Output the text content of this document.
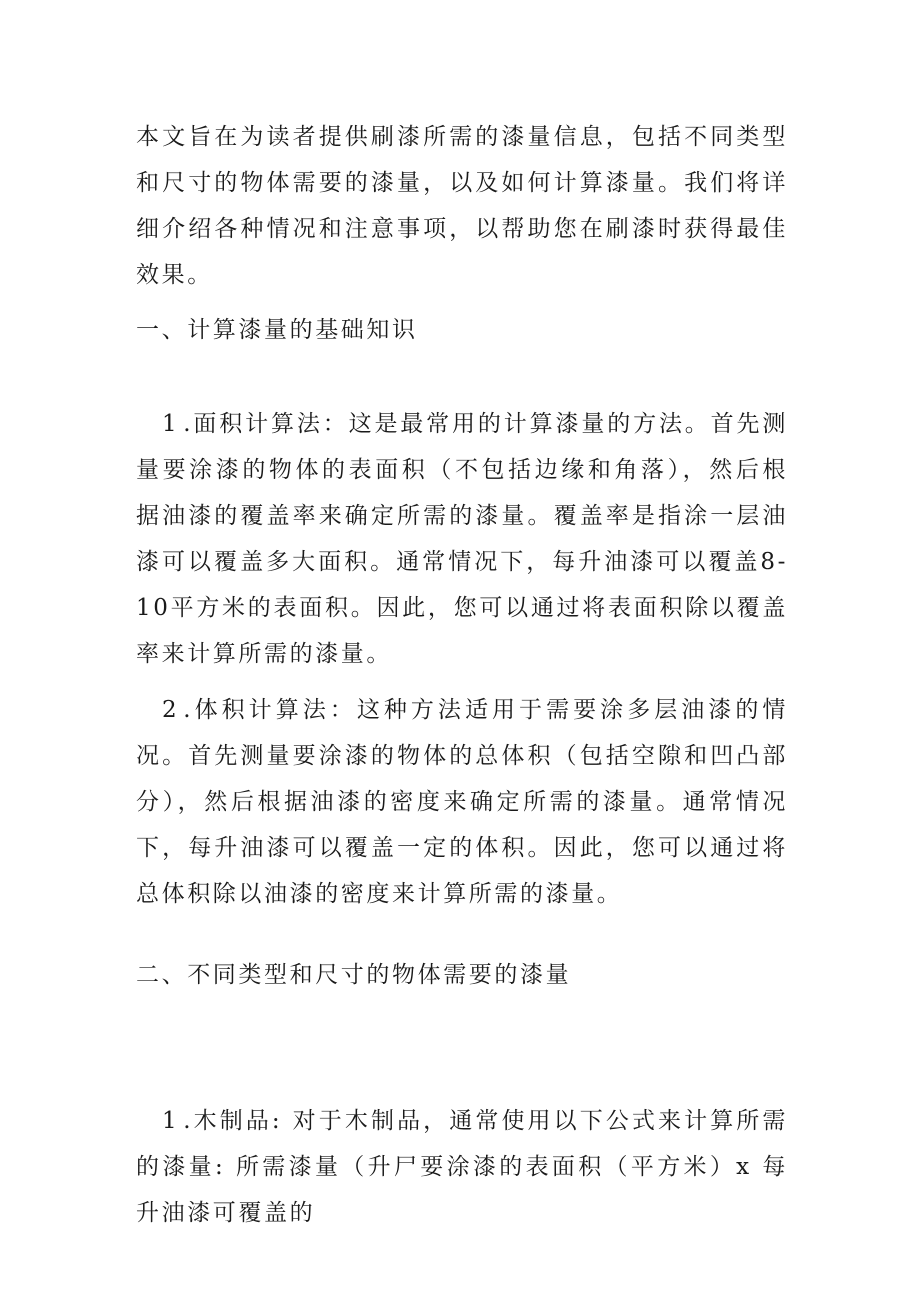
本文旨在为读者提供刷漆所需的漆量信息，包括不同类型和尺寸的物体需要的漆量，以及如何计算漆量。我们将详细介绍各种情况和注意事项，以帮助您在刷漆时获得最佳效果。

一、计算漆量的基础知识

1 .面积计算法：这是最常用的计算漆量的方法。首先测量要涂漆的物体的表面积（不包括边缘和角落），然后根据油漆的覆盖率来确定所需的漆量。覆盖率是指涂一层油漆可以覆盖多大面积。通常情况下，每升油漆可以覆盖8-10平方米的表面积。因此，您可以通过将表面积除以覆盖率来计算所需的漆量。

2 .体积计算法：这种方法适用于需要涂多层油漆的情况。首先测量要涂漆的物体的总体积（包括空隙和凹凸部分），然后根据油漆的密度来确定所需的漆量。通常情况下，每升油漆可以覆盖一定的体积。因此，您可以通过将总体积除以油漆的密度来计算所需的漆量。

二、不同类型和尺寸的物体需要的漆量

1 .木制品: 对于木制品，通常使用以下公式来计算所需的漆量: 所需漆量（升尸要涂漆的表面积（平方米）x 每升油漆可覆盖的
